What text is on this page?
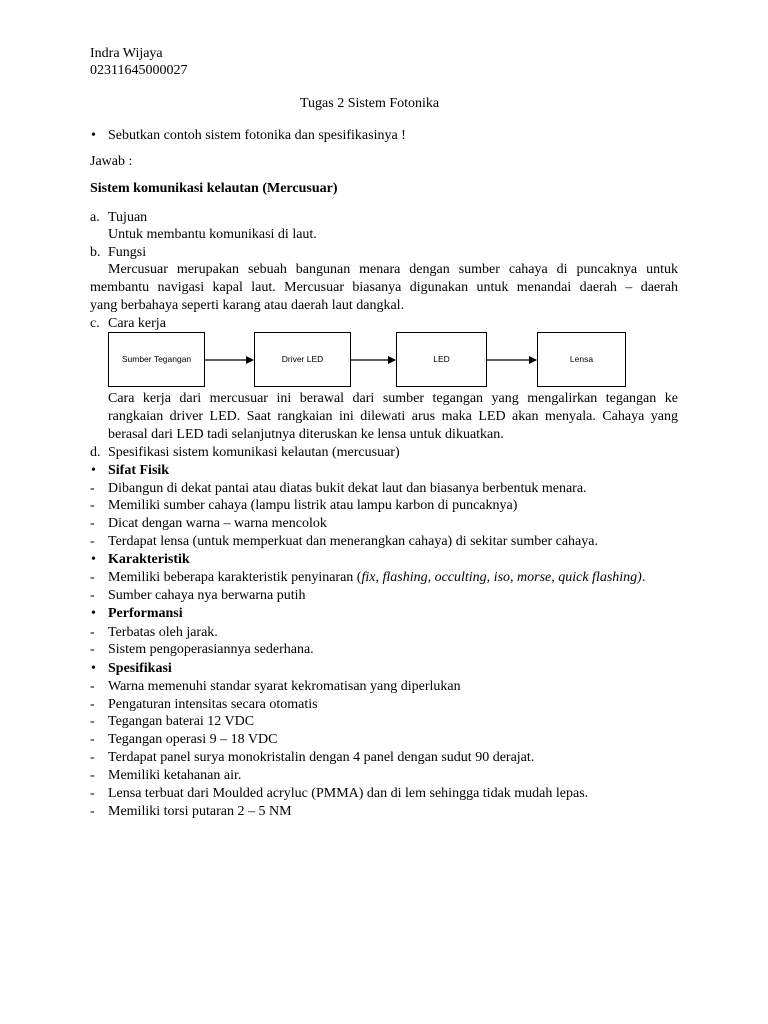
Indra Wijaya
02311645000027
Tugas 2 Sistem Fotonika
•
Sebutkan contoh sistem fotonika dan spesifikasinya !
Jawab :
Sistem komunikasi kelautan (Mercusuar)
a. Tujuan
Untuk membantu komunikasi di laut.
b. Fungsi
Mercusuar merupakan sebuah bangunan menara dengan sumber cahaya di puncaknya untuk
membantu navigasi kapal laut. Mercusuar biasanya digunakan untuk menandai daerah – daerah
yang berbahaya seperti karang atau daerah laut dangkal.
c. Cara kerja
Sumber Tegangan	Driver LED	LED	Lensa
Cara kerja dari mercusuar ini berawal dari sumber tegangan yang mengalirkan tegangan ke
rangkaian driver LED. Saat rangkaian ini dilewati arus maka LED akan menyala. Cahaya yang
berasal dari LED tadi selanjutnya diteruskan ke lensa untuk dikuatkan.
d. Spesifikasi sistem komunikasi kelautan (mercusuar)
•
Sifat Fisik
- Dibangun di dekat pantai atau diatas bukit dekat laut dan biasanya berbentuk menara.
- Memiliki sumber cahaya (lampu listrik atau lampu karbon di puncaknya)
- Dicat dengan warna – warna mencolok
- Terdapat lensa (untuk memperkuat dan menerangkan cahaya) di sekitar sumber cahaya.
•
Karakteristik
- Memiliki beberapa karakteristik penyinaran (fix, flashing, occulting, iso, morse, quick flashing).
- Sumber cahaya nya berwarna putih
•
Performansi
- Terbatas oleh jarak.
- Sistem pengoperasiannya sederhana.
•
Spesifikasi
- Warna memenuhi standar syarat kekromatisan yang diperlukan
- Pengaturan intensitas secara otomatis
- Tegangan baterai 12 VDC
- Tegangan operasi 9 – 18 VDC
- Terdapat panel surya monokristalin dengan 4 panel dengan sudut 90 derajat.
- Memiliki ketahanan air.
- Lensa terbuat dari Moulded acryluc (PMMA) dan di lem sehingga tidak mudah lepas.
- Memiliki torsi putaran 2 – 5 NM
